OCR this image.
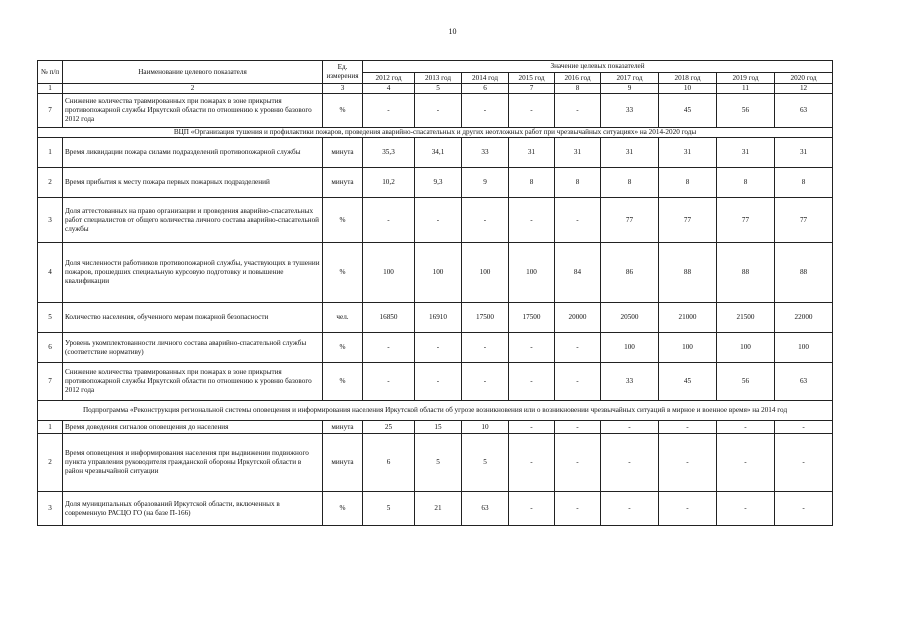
10
№ п/п	Наименование целевого показателя	Ед. измерения	Значение целевых показателей								
			2012 год	2013 год	2014 год	2015 год	2016 год	2017 год	2018 год	2019 год	2020 год
1	2	3	4	5	6	7	8	9	10	11	12
7	Снижение количества травмированных при пожарах в зоне прикрытия противопожарной службы Иркутской области по отношению к уровню базового 2012 года	%	-	-	-	-	-	33	45	56	63
ВЦП «Организация тушения и профилактики пожаров, проведения аварийно-спасательных и других неотложных работ при чрезвычайных ситуациях» на 2014-2020 годы											
1	Время ликвидации пожара силами подразделений противопожарной службы	минута	35,3	34,1	33	31	31	31	31	31	31
2	Время прибытия к месту пожара первых пожарных подразделений	минута	10,2	9,3	9	8	8	8	8	8	8
3	Доля аттестованных на право организации и проведения аварийно-спасательных работ специалистов от общего количества личного состава аварийно-спасательной службы	%	-	-	-	-	-	77	77	77	77
4	Доля численности работников противопожарной службы, участвующих в тушении пожаров, прошедших специальную курсовую подготовку и повышение квалификации	%	100	100	100	100	84	86	88	88	88
5	Количество населения, обученного мерам пожарной безопасности	чел.	16850	16910	17500	17500	20000	20500	21000	21500	22000
6	Уровень укомплектованности личного состава аварийно-спасательной службы (соответствие нормативу)	%	-	-	-	-	-	100	100	100	100
7	Снижение количества травмированных при пожарах в зоне прикрытия противопожарной службы Иркутской области по отношению к уровню базового 2012 года	%	-	-	-	-	-	33	45	56	63
Подпрограмма «Реконструкция региональной системы оповещения и информирования населения Иркутской области об угрозе возникновения или о возникновении чрезвычайных ситуаций в мирное и военное время» на 2014 год											
1	Время доведения сигналов оповещения до населения	минута	25	15	10	-	-	-	-	-	-
2	Время оповещения и информирования населения при выдвижении подвижного пункта управления руководителя гражданской обороны Иркутской области в район чрезвычайной ситуации	минута	6	5	5	-	-	-	-	-	-
3	Доля муниципальных образований Иркутской области, включенных в современную РАСЦО ГО (на базе П-166)	%	5	21	63	-	-	-	-	-	-
